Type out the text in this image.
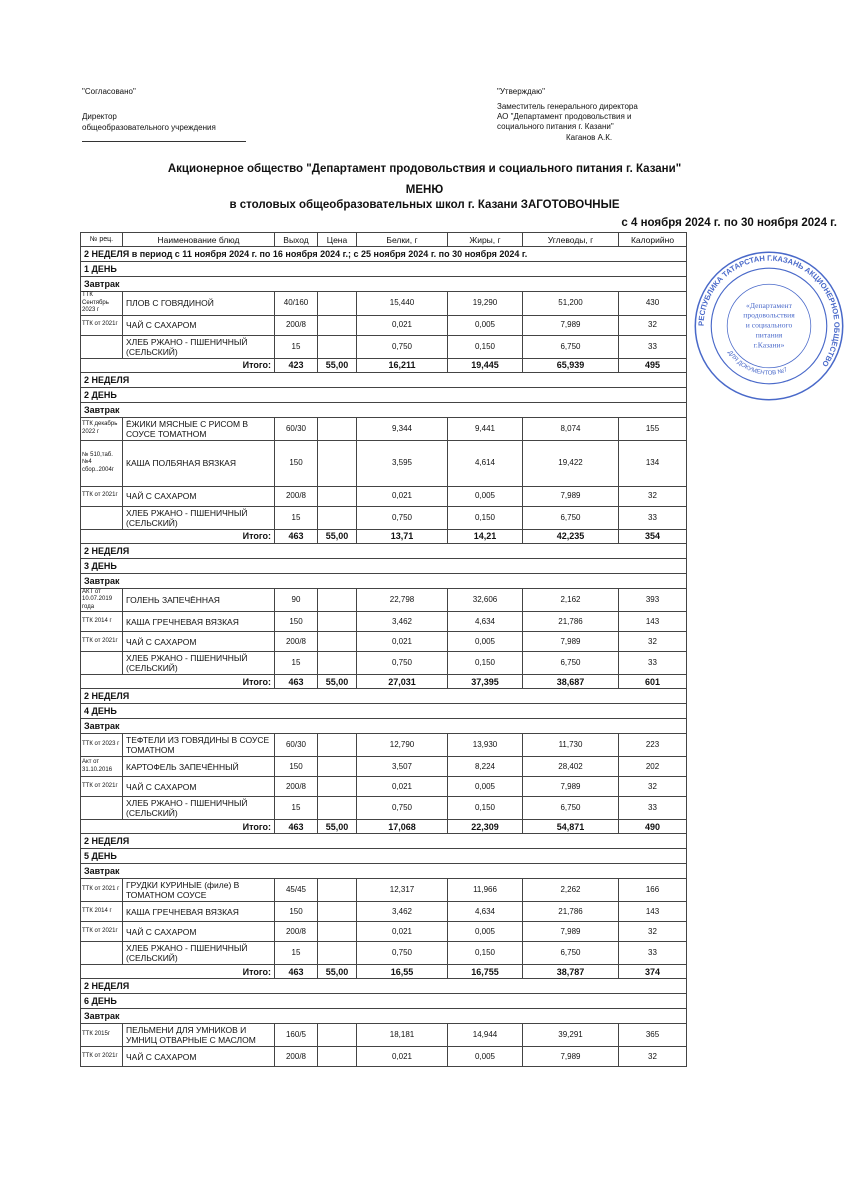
"Согласовано"
Директор
общеобразовательного учреждения
"Утверждаю"
Заместитель генерального директора
АО "Департамент продовольствия и
социального питания г. Казани"
Каганов А.К.
Акционерное общество "Департамент продовольствия и социального питания г. Казани"
МЕНЮ
в столовых общеобразовательных школ г. Казани ЗАГОТОВОЧНЫЕ
с 4 ноября 2024 г. по 30 ноября 2024 г.
№ рец.	Наименование блюд	Выход	Цена	Белки, г	Жиры, г	Углеводы, г	Калорийно
2 НЕДЕЛЯ в период с 11 ноября 2024 г. по 16 ноября 2024 г.; с 25 ноября 2024 г. по 30 ноября 2024 г.							
1 ДЕНЬ							
Завтрак							
ТТК Сентябрь 2023 г	ПЛОВ С ГОВЯДИНОЙ	40/160		15,440	19,290	51,200	430
ТТК от 2021г	ЧАЙ С САХАРОМ	200/8		0,021	0,005	7,989	32
	ХЛЕБ РЖАНО - ПШЕНИЧНЫЙ (СЕЛЬСКИЙ)	15		0,750	0,150	6,750	33
Итого:		423	55,00	16,211	19,445	65,939	495
2 НЕДЕЛЯ							
2 ДЕНЬ							
Завтрак							
ТТК декабрь 2022 г	ЁЖИКИ МЯСНЫЕ С РИСОМ В СОУСЕ ТОМАТНОМ	60/30		9,344	9,441	8,074	155
№ 510,таб.№4 сбор..2004г	КАША ПОЛБЯНАЯ ВЯЗКАЯ	150		3,595	4,614	19,422	134
ТТК от 2021г	ЧАЙ С САХАРОМ	200/8		0,021	0,005	7,989	32
	ХЛЕБ РЖАНО - ПШЕНИЧНЫЙ (СЕЛЬСКИЙ)	15		0,750	0,150	6,750	33
Итого:		463	55,00	13,71	14,21	42,235	354
2 НЕДЕЛЯ							
3 ДЕНЬ							
Завтрак							
АКТ от 10.07.2019 года	ГОЛЕНЬ ЗАПЕЧЁННАЯ	90		22,798	32,606	2,162	393
ТТК 2014 г	КАША ГРЕЧНЕВАЯ ВЯЗКАЯ	150		3,462	4,634	21,786	143
ТТК от 2021г	ЧАЙ С САХАРОМ	200/8		0,021	0,005	7,989	32
	ХЛЕБ РЖАНО - ПШЕНИЧНЫЙ (СЕЛЬСКИЙ)	15		0,750	0,150	6,750	33
Итого:		463	55,00	27,031	37,395	38,687	601
2 НЕДЕЛЯ							
4 ДЕНЬ							
Завтрак							
ТТК от 2023 г	ТЕФТЕЛИ ИЗ ГОВЯДИНЫ В СОУСЕ ТОМАТНОМ	60/30		12,790	13,930	11,730	223
Акт от 31.10.2016	КАРТОФЕЛЬ ЗАПЕЧЁННЫЙ	150		3,507	8,224	28,402	202
ТТК от 2021г	ЧАЙ С САХАРОМ	200/8		0,021	0,005	7,989	32
	ХЛЕБ РЖАНО - ПШЕНИЧНЫЙ (СЕЛЬСКИЙ)	15		0,750	0,150	6,750	33
Итого:		463	55,00	17,068	22,309	54,871	490
2 НЕДЕЛЯ							
5 ДЕНЬ							
Завтрак							
ТТК от 2021 г	ГРУДКИ КУРИНЫЕ (филе) В ТОМАТНОМ СОУСЕ	45/45		12,317	11,966	2,262	166
ТТК 2014 г	КАША ГРЕЧНЕВАЯ ВЯЗКАЯ	150		3,462	4,634	21,786	143
ТТК от 2021г	ЧАЙ С САХАРОМ	200/8		0,021	0,005	7,989	32
	ХЛЕБ РЖАНО - ПШЕНИЧНЫЙ (СЕЛЬСКИЙ)	15		0,750	0,150	6,750	33
Итого:		463	55,00	16,55	16,755	38,787	374
2 НЕДЕЛЯ							
6 ДЕНЬ							
Завтрак							
ТТК 2015г	ПЕЛЬМЕНИ ДЛЯ УМНИКОВ И УМНИЦ ОТВАРНЫЕ С МАСЛОМ	160/5		18,181	14,944	39,291	365
ТТК от 2021г	ЧАЙ С САХАРОМ	200/8		0,021	0,005	7,989	32
РЕСПУБЛИКА ТАТАРСТАН Г.КАЗАНЬ АКЦИОНЕРНОЕ ОБЩЕСТВО
ДЛЯ ДОКУМЕНТОВ №7
«Департамент
продовольствия
и социального
питания
г.Казани»
